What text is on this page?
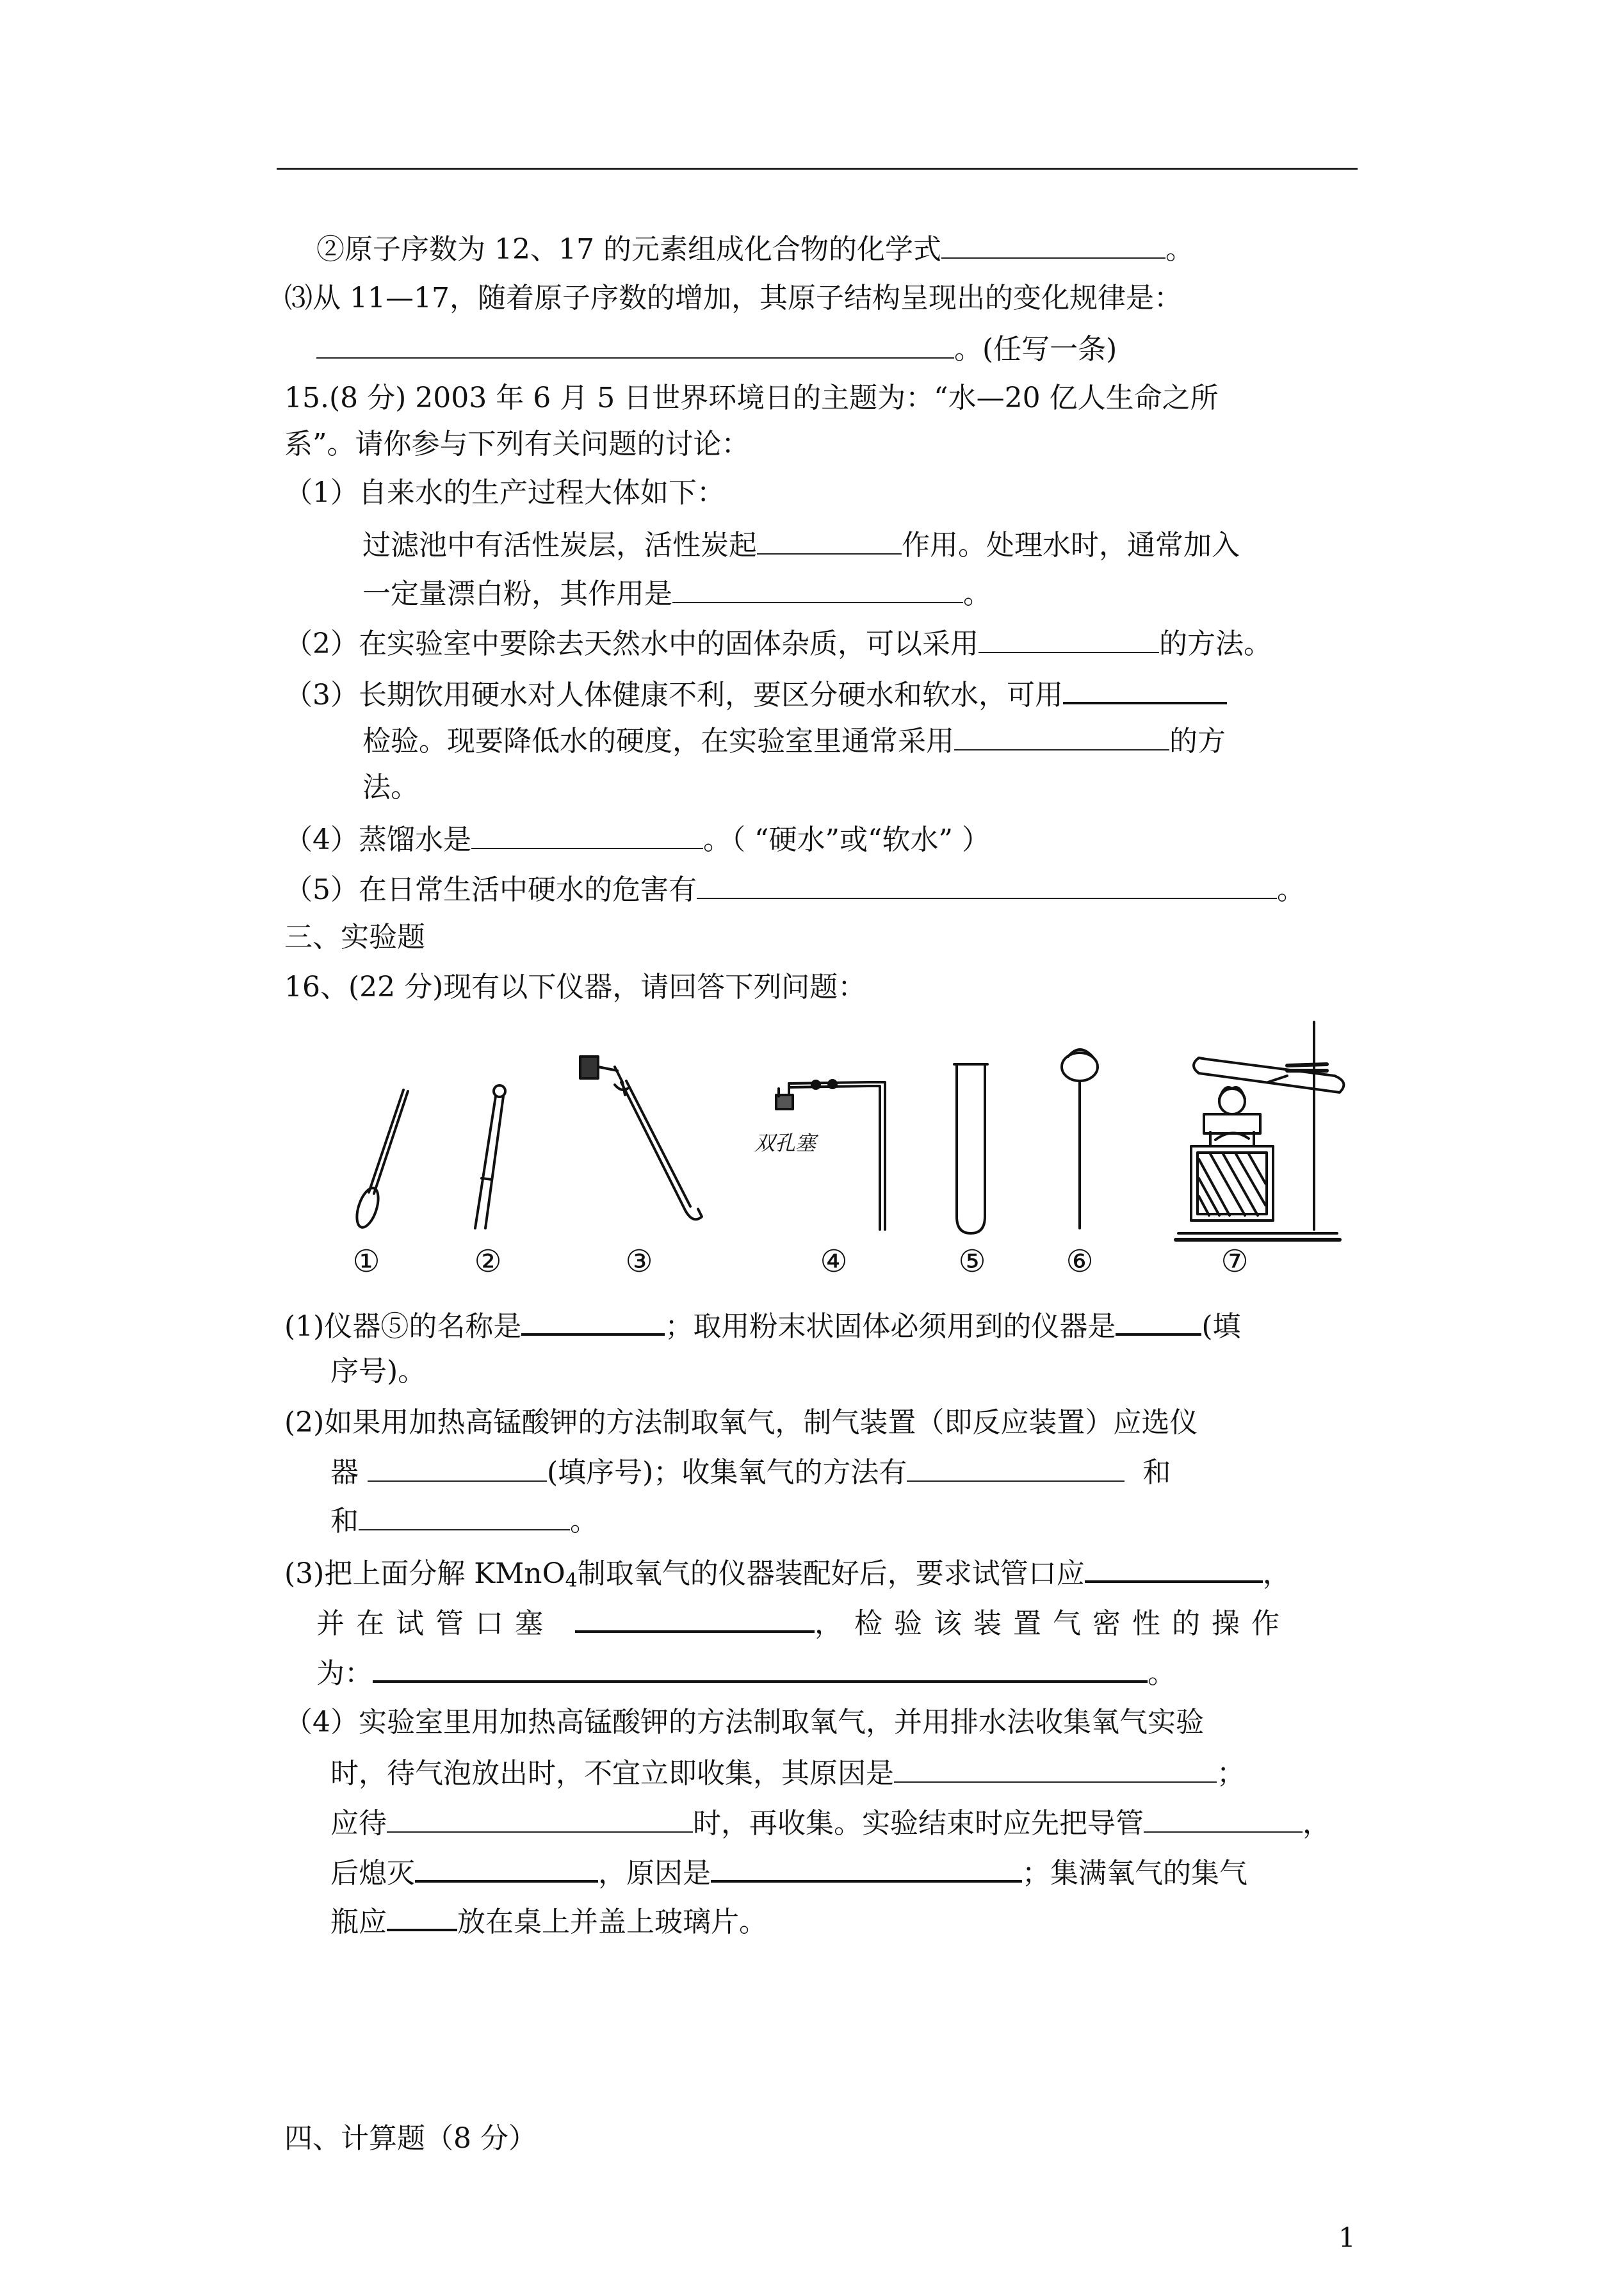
②原子序数为 12、17 的元素组成化合物的化学式	。
⑶从 11—17，随着原子序数的增加，其原子结构呈现出的变化规律是：
。(任写一条)
15.(8 分) 2003 年 6 月 5 日世界环境日的主题为：“水—20 亿人生命之所
系”。请你参与下列有关问题的讨论：
（1）自来水的生产过程大体如下：
过滤池中有活性炭层，活性炭起	作用。处理水时，通常加入
一定量漂白粉，其作用是	。
（2）在实验室中要除去天然水中的固体杂质，可以采用	的方法。
（3）长期饮用硬水对人体健康不利，要区分硬水和软水，可用
检验。现要降低水的硬度，在实验室里通常采用	的方
法。
（4）蒸馏水是	。（ “硬水”或“软水” ）
（5）在日常生活中硬水的危害有	。
三、实验题
16、(22 分)现有以下仪器，请回答下列问题：
双孔塞
①	②	③	④	⑤	⑥	⑦
(1)仪器⑤的名称是	；取用粉末状固体必须用到的仪器是	(填
序号)。
(2)如果用加热高锰酸钾的方法制取氧气，制气装置（即反应装置）应选仪
器	(填序号)；收集氧气的方法有	和
和	。
(3)把上面分解 KMnO$_4$制取氧气的仪器装配好后，要求试管口应	，
并在试管口塞	，检验该装置气密性的操作
为：	。
（4）实验室里用加热高锰酸钾的方法制取氧气，并用排水法收集氧气实验
时，待气泡放出时，不宜立即收集，其原因是	；
应待	时，再收集。实验结束时应先把导管	，
后熄灭	，原因是	；集满氧气的集气
瓶应	放在桌上并盖上玻璃片。
四、计算题（8 分）
1
